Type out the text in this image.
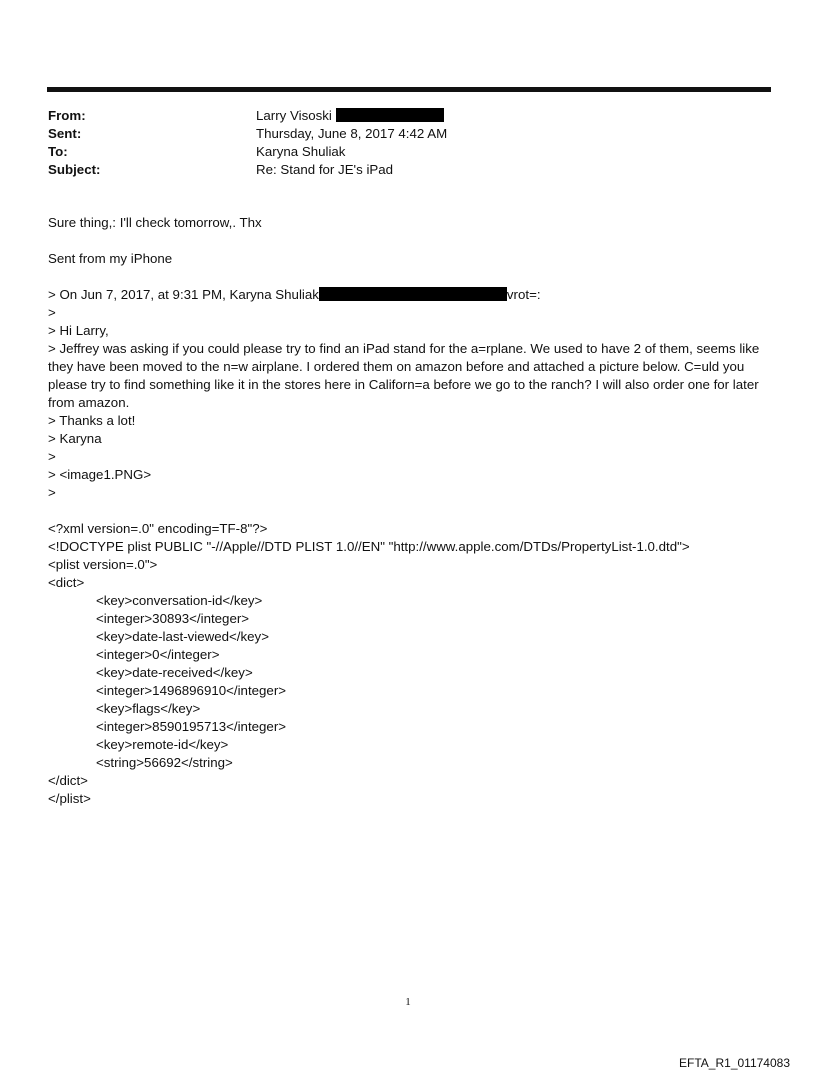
From:	Larry Visoski
Sent:	Thursday, June 8, 2017 4:42 AM
To:	Karyna Shuliak
Subject:	Re: Stand for JE's iPad

Sure thing,: I'll check tomorrow,. Thx

Sent from my iPhone

> On Jun 7, 2017, at 9:31 PM, Karyna Shuliak	vrot=:

>

> Hi Larry,

> Jeffrey was asking if you could please try to find an iPad stand for the a=rplane. We used to have 2 of them, seems like they have been moved to the n=w airplane. I ordered them on amazon before and attached a picture below. C=uld you please try to find something like it in the stores here in Californ=a before we go to the ranch? I will also order one for later from amazon.

> Thanks a lot!

> Karyna

>

> <image1.PNG>

>

<?xml version=.0" encoding=TF-8"?>

<!DOCTYPE plist PUBLIC "-//Apple//DTD PLIST 1.0//EN" "http://www.apple.com/DTDs/PropertyList-1.0.dtd">

<plist version=.0">

<dict>

<key>conversation-id</key>

<integer>30893</integer>

<key>date-last-viewed</key>

<integer>0</integer>

<key>date-received</key>

<integer>1496896910</integer>

<key>flags</key>

<integer>8590195713</integer>

<key>remote-id</key>

<string>56692</string>

</dict>

</plist>

1
EFTA_R1_01174083
